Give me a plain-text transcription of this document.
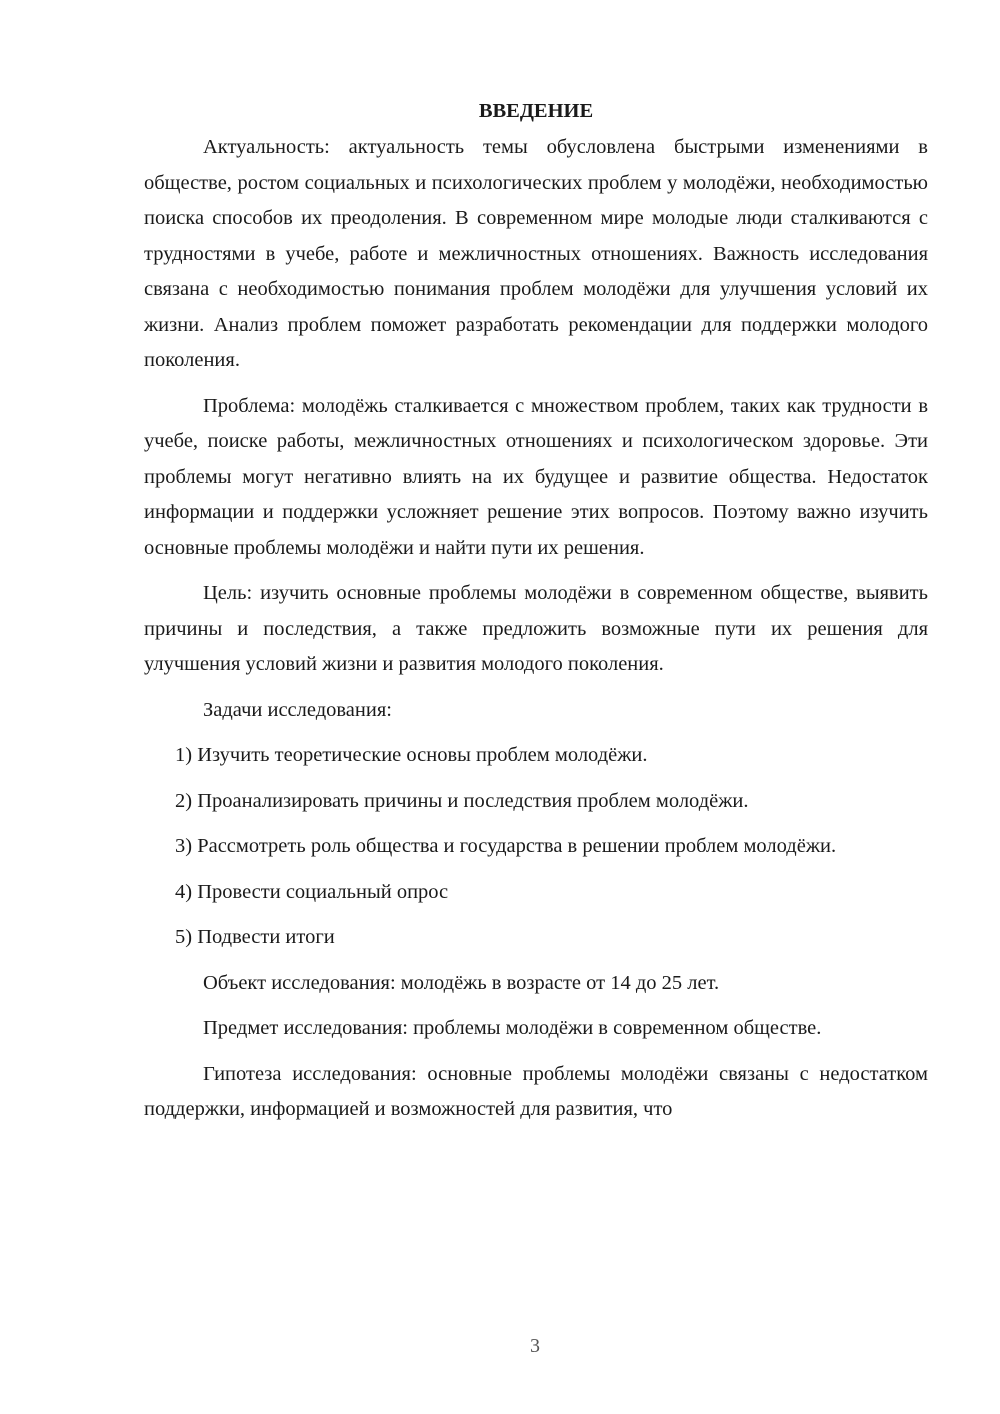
ВВЕДЕНИЕ

Актуальность: актуальность темы обусловлена быстрыми изменениями в обществе, ростом социальных и психологических проблем у молодёжи, необходимостью поиска способов их преодоления. В современном мире молодые люди сталкиваются с трудностями в учебе, работе и межличностных отношениях. Важность исследования связана с необходимостью понимания проблем молодёжи для улучшения условий их жизни. Анализ проблем поможет разработать рекомендации для поддержки молодого поколения.

Проблема: молодёжь сталкивается с множеством проблем, таких как трудности в учебе, поиске работы, межличностных отношениях и психологическом здоровье. Эти проблемы могут негативно влиять на их будущее и развитие общества. Недостаток информации и поддержки усложняет решение этих вопросов. Поэтому важно изучить основные проблемы молодёжи и найти пути их решения.

Цель: изучить основные проблемы молодёжи в современном обществе, выявить причины и последствия, а также предложить возможные пути их решения для улучшения условий жизни и развития молодого поколения.

Задачи исследования:

1) Изучить теоретические основы проблем молодёжи.

2) Проанализировать причины и последствия проблем молодёжи.

3) Рассмотреть роль общества и государства в решении проблем молодёжи.

4) Провести социальный опрос

5) Подвести итоги

Объект исследования: молодёжь в возрасте от 14 до 25 лет.

Предмет исследования: проблемы молодёжи в современном обществе.

Гипотеза исследования: основные проблемы молодёжи связаны с недостатком поддержки, информацией и возможностей для развития, что

3
